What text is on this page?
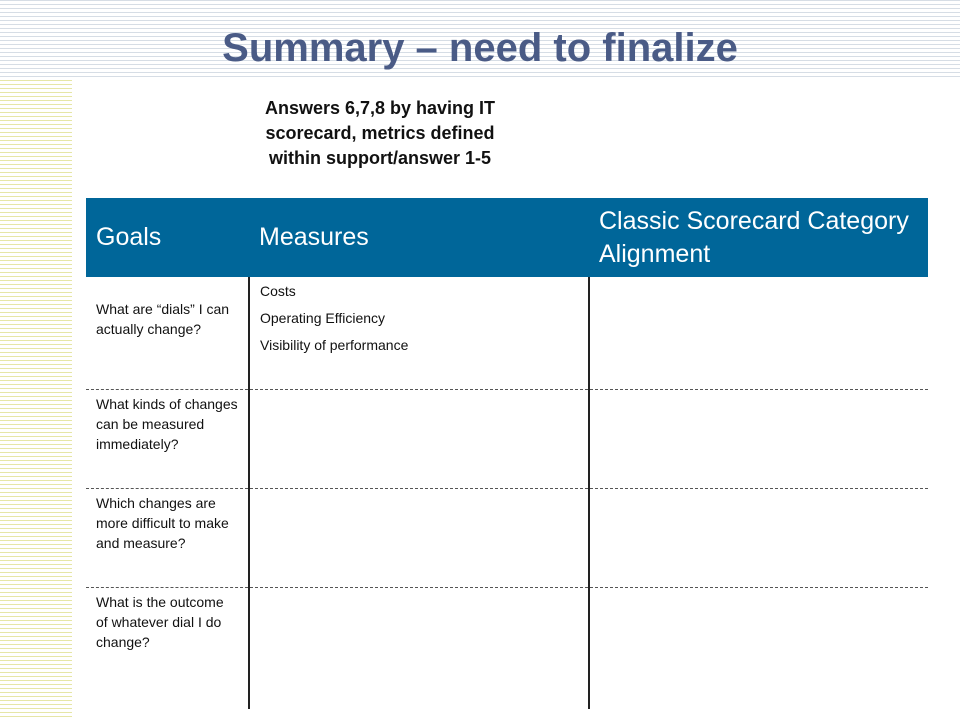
Summary – need to finalize
Answers 6,7,8 by having IT
scorecard, metrics defined
within support/answer 1-5
Goals	Measures	Classic Scorecard Category Alignment
What are “dials” I can actually change?	Costs
Operating Efficiency
Visibility of performance	

What kinds of changes can be measured immediately?		
Which changes are more difficult to make and measure?		
What is the outcome of whatever dial I do change?		
